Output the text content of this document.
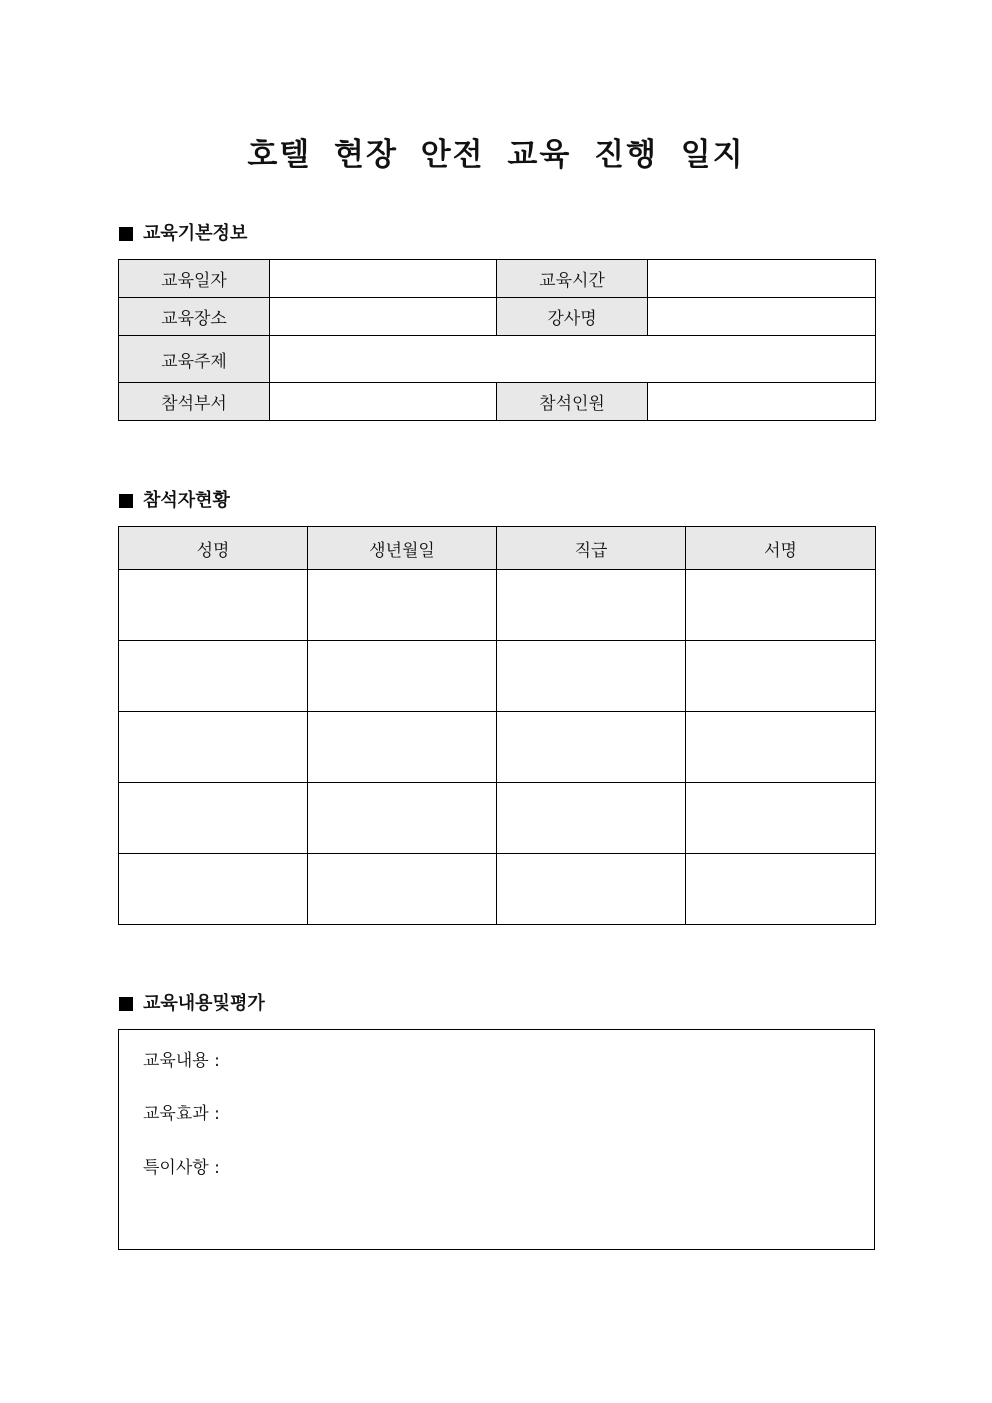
호텔 현장 안전 교육 진행 일지
교육기본정보
교육일자		교육시간	
교육장소		강사명	
교육주제			
참석부서		참석인원	
참석자현황
성명	생년월일	직급	서명

교육내용및평가
교육내용 :
교육효과 :
특이사항 :
